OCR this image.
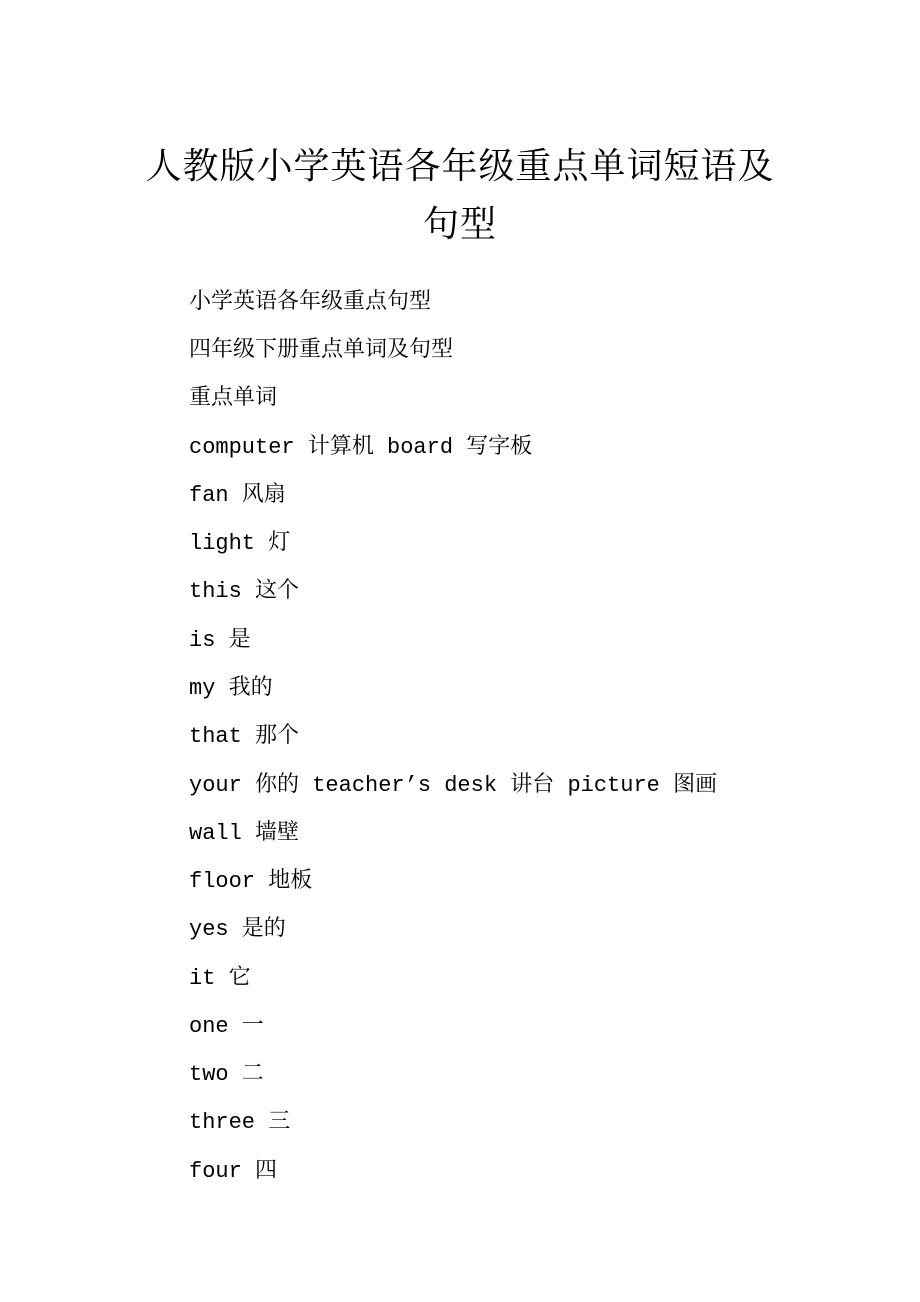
人教版小学英语各年级重点单词短语及句型
小学英语各年级重点句型
四年级下册重点单词及句型
重点单词
computer 计算机 board 写字板
fan 风扇
light 灯
this 这个
is 是
my 我的
that 那个
your 你的 teacher’s desk 讲台 picture 图画
wall 墙壁
floor 地板
yes 是的
it 它
one 一
two 二
three 三
four 四
